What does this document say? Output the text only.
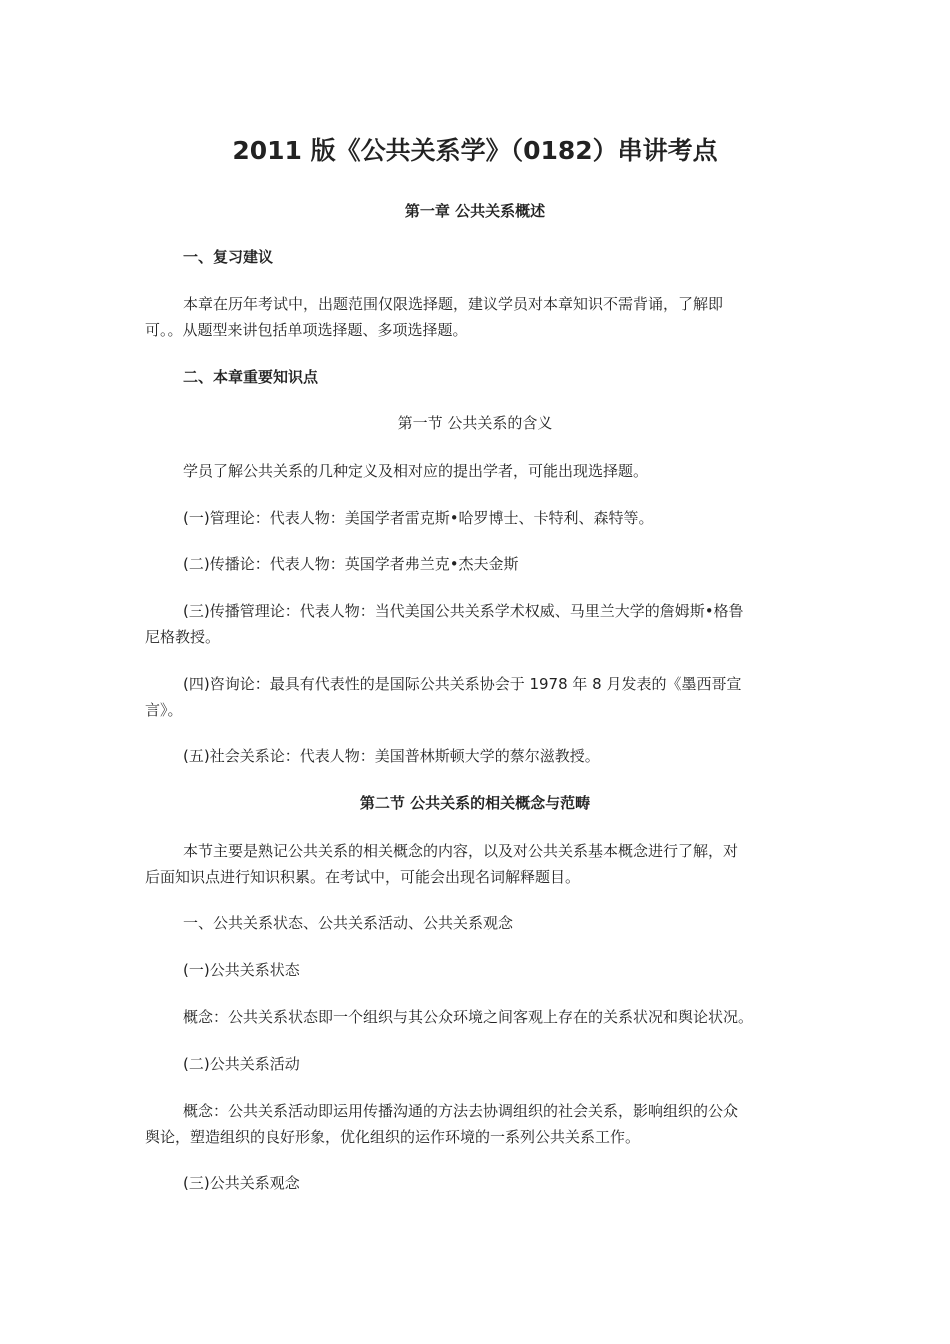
2011 版《公共关系学》（0182）串讲考点
第一章 公共关系概述
一、复习建议
本章在历年考试中，出题范围仅限选择题，建议学员对本章知识不需背诵，了解即
可。。从题型来讲包括单项选择题、多项选择题。
二、本章重要知识点
第一节 公共关系的含义
学员了解公共关系的几种定义及相对应的提出学者，可能出现选择题。
(一)管理论：代表人物：美国学者雷克斯•哈罗博士、卡特利、森特等。
(二)传播论：代表人物：英国学者弗兰克•杰夫金斯
(三)传播管理论：代表人物：当代美国公共关系学术权威、马里兰大学的詹姆斯•格鲁
尼格教授。
(四)咨询论：最具有代表性的是国际公共关系协会于 1978 年 8 月发表的《墨西哥宣
言》。
(五)社会关系论：代表人物：美国普林斯顿大学的蔡尔滋教授。
第二节 公共关系的相关概念与范畴
本节主要是熟记公共关系的相关概念的内容，以及对公共关系基本概念进行了解，对
后面知识点进行知识积累。在考试中，可能会出现名词解释题目。
一、公共关系状态、公共关系活动、公共关系观念
(一)公共关系状态
概念：公共关系状态即一个组织与其公众环境之间客观上存在的关系状况和舆论状况。
(二)公共关系活动
概念：公共关系活动即运用传播沟通的方法去协调组织的社会关系，影响组织的公众
舆论，塑造组织的良好形象，优化组织的运作环境的一系列公共关系工作。
(三)公共关系观念
